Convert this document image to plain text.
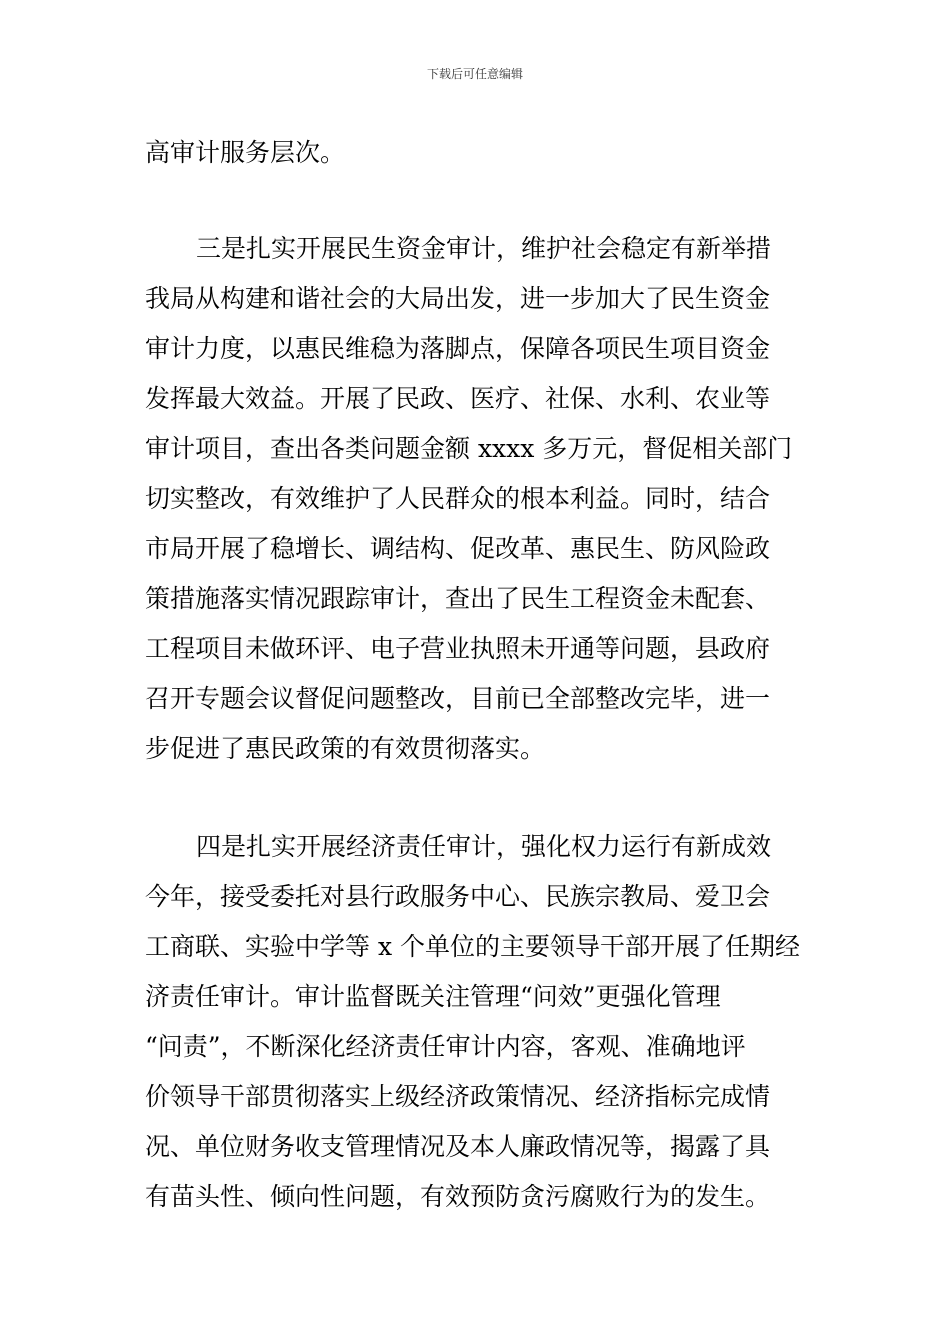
下载后可任意编辑
高审计服务层次。
三是扎实开展民生资金审计，维护社会稳定有新举措
我局从构建和谐社会的大局出发，进一步加大了民生资金
审计力度，以惠民维稳为落脚点，保障各项民生项目资金
发挥最大效益。开展了民政、医疗、社保、水利、农业等
审计项目，查出各类问题金额 xxxx 多万元，督促相关部门
切实整改，有效维护了人民群众的根本利益。同时，结合
市局开展了稳增长、调结构、促改革、惠民生、防风险政
策措施落实情况跟踪审计，查出了民生工程资金未配套、
工程项目未做环评、电子营业执照未开通等问题，县政府
召开专题会议督促问题整改，目前已全部整改完毕，进一
步促进了惠民政策的有效贯彻落实。
四是扎实开展经济责任审计，强化权力运行有新成效
今年，接受委托对县行政服务中心、民族宗教局、爱卫会
工商联、实验中学等 x 个单位的主要领导干部开展了任期经
济责任审计。审计监督既关注管理“问效”更强化管理
“问责”，不断深化经济责任审计内容，客观、准确地评
价领导干部贯彻落实上级经济政策情况、经济指标完成情
况、单位财务收支管理情况及本人廉政情况等，揭露了具
有苗头性、倾向性问题，有效预防贪污腐败行为的发生。
